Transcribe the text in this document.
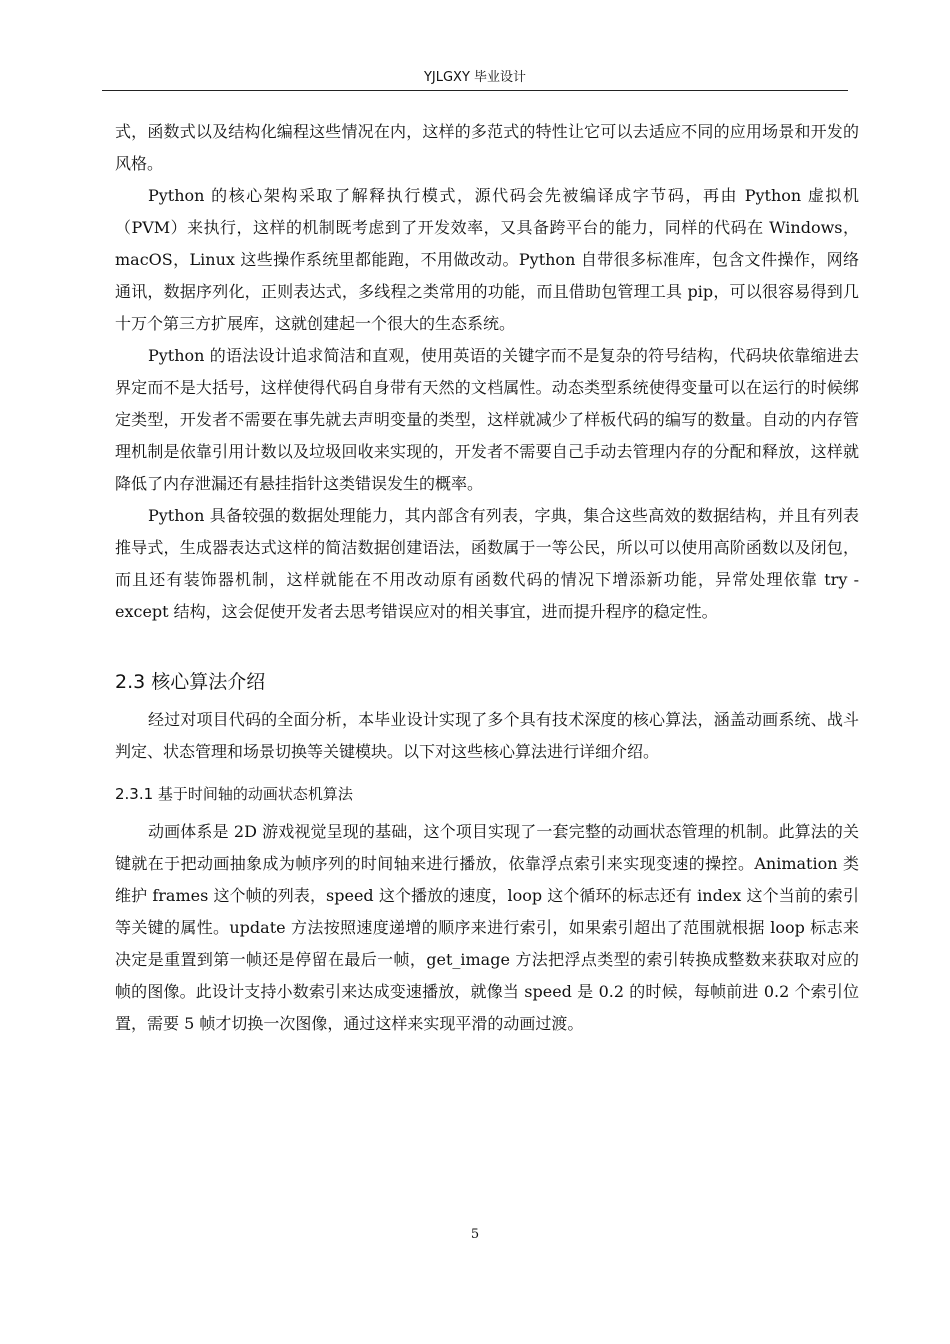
YJLGXY 毕业设计

式，函数式以及结构化编程这些情况在内，这样的多范式的特性让它可以去适应不同的应用场景和开发的风格。

Python 的核心架构采取了解释执行模式，源代码会先被编译成字节码，再由 Python 虚拟机（PVM）来执行，这样的机制既考虑到了开发效率，又具备跨平台的能力，同样的代码在 Windows，macOS，Linux 这些操作系统里都能跑，不用做改动。Python 自带很多标准库，包含文件操作，网络通讯，数据序列化，正则表达式，多线程之类常用的功能，而且借助包管理工具 pip，可以很容易得到几十万个第三方扩展库，这就创建起一个很大的生态系统。

Python 的语法设计追求简洁和直观，使用英语的关键字而不是复杂的符号结构，代码块依靠缩进去界定而不是大括号，这样使得代码自身带有天然的文档属性。动态类型系统使得变量可以在运行的时候绑定类型，开发者不需要在事先就去声明变量的类型，这样就减少了样板代码的编写的数量。自动的内存管理机制是依靠引用计数以及垃圾回收来实现的，开发者不需要自己手动去管理内存的分配和释放，这样就降低了内存泄漏还有悬挂指针这类错误发生的概率。

Python 具备较强的数据处理能力，其内部含有列表，字典，集合这些高效的数据结构，并且有列表推导式，生成器表达式这样的简洁数据创建语法，函数属于一等公民，所以可以使用高阶函数以及闭包，而且还有装饰器机制，这样就能在不用改动原有函数代码的情况下增添新功能，异常处理依靠 try - except 结构，这会促使开发者去思考错误应对的相关事宜，进而提升程序的稳定性。

2.3 核心算法介绍

经过对项目代码的全面分析，本毕业设计实现了多个具有技术深度的核心算法，涵盖动画系统、战斗判定、状态管理和场景切换等关键模块。以下对这些核心算法进行详细介绍。

2.3.1 基于时间轴的动画状态机算法

动画体系是 2D 游戏视觉呈现的基础，这个项目实现了一套完整的动画状态管理的机制。此算法的关键就在于把动画抽象成为帧序列的时间轴来进行播放，依靠浮点索引来实现变速的操控。Animation 类维护 frames 这个帧的列表，speed 这个播放的速度，loop 这个循环的标志还有 index 这个当前的索引等关键的属性。update 方法按照速度递增的顺序来进行索引，如果索引超出了范围就根据 loop 标志来决定是重置到第一帧还是停留在最后一帧，get_image 方法把浮点类型的索引转换成整数来获取对应的帧的图像。此设计支持小数索引来达成变速播放，就像当 speed 是 0.2 的时候，每帧前进 0.2 个索引位置，需要 5 帧才切换一次图像，通过这样来实现平滑的动画过渡。

5
